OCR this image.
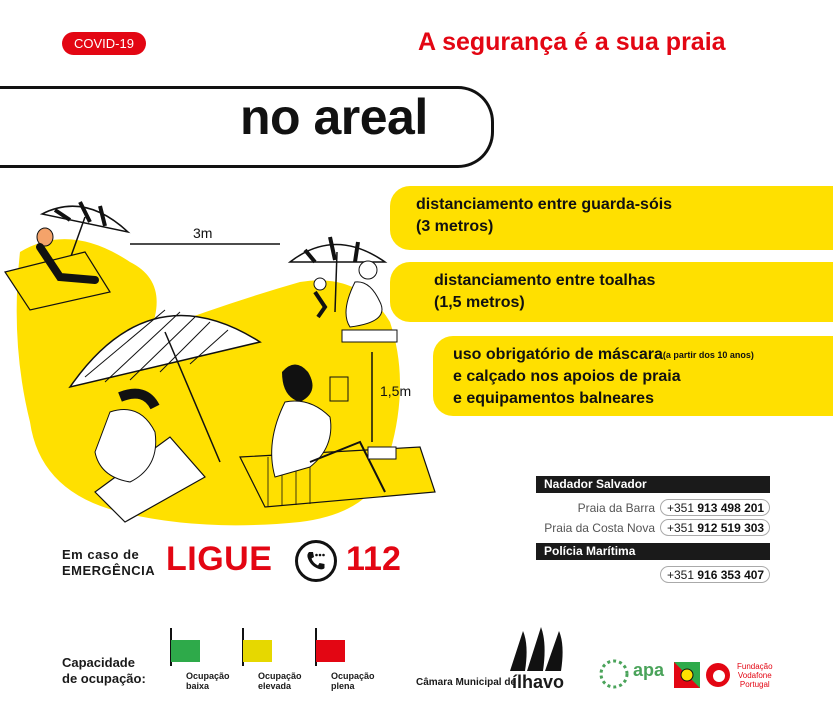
COVID-19	A segurança é a sua praia
no areal
3m
1,5m
distanciamento entre guarda-sóis
(3 metros)
distanciamento entre toalhas
(1,5 metros)
uso obrigatório de máscara$^{(a partir dos 10 anos)}$
e calçado nos apoios de praia
e equipamentos balneares
Nadador Salvador
Praia da Barra	+351 913 498 201
Praia da Costa Nova	+351 912 519 303
Polícia Marítima
+351 916 353 407
Em caso de
EMERGÊNCIA LIGUE 112
Capacidade
de ocupação:	Ocupação
baixa
Ocupação
elevada
Ocupação
plena	Câmara Municipal de
ílhavo
apa	Fundação
Vodafone
Portugal
